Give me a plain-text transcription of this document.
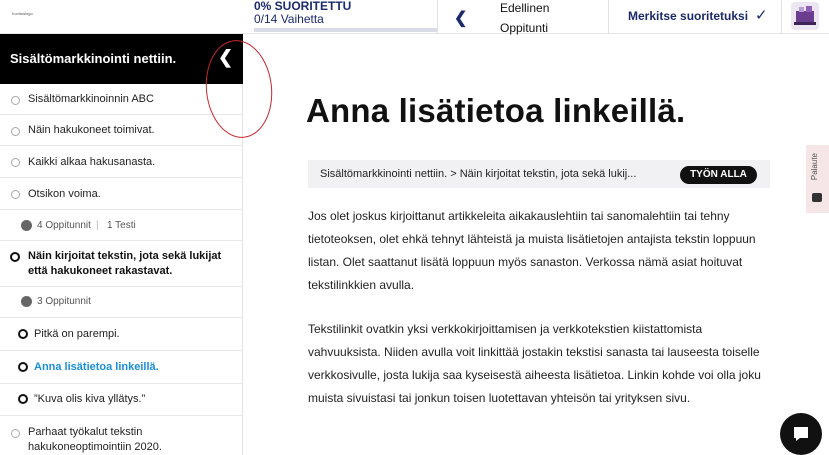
Kuvituslogo
0% SUORITETTU
0/14 Vaihetta	❮
Edellinen
Oppitunti
Merkitse suoritetuksi ✓
Sisältömarkkinointi nettiin. ❮
Sisältömarkkinoinnin ABC
Näin hakukoneet toimivat.
Kaikki alkaa hakusanasta.
Otsikon voima.
4 Oppitunnit | 1 Testi
Näin kirjoitat tekstin, jota sekä lukijat
että hakukoneet rakastavat.
3 Oppitunnit
Pitkä on parempi.
Anna lisätietoa linkeillä.
”Kuva olis kiva yllätys.”
Parhaat työkalut tekstin
hakukoneoptimointiin 2020.
Anna lisätietoa linkeillä.
Sisältömarkkinointi nettiin. > Näin kirjoitat tekstin, jota sekä lukij...	TYÖN ALLA

Jos olet joskus kirjoittanut artikkeleita aikakauslehtiin tai sanomalehtiin tai tehny tietoteoksen, olet ehkä tehnyt lähteistä ja muista lisätietojen antajista tekstin loppuun listan. Olet saattanut lisätä loppuun myös sanaston. Verkossa nämä asiat hoituvat tekstilinkkien avulla.

Tekstilinkit ovatkin yksi verkkokirjoittamisen ja verkkotekstien kiistattomista vahvuuksista. Niiden avulla voit linkittää jostakin tekstisi sanasta tai lauseesta toiselle verkkosivulle, josta lukija saa kyseisestä aiheesta lisätietoa. Linkin kohde voi olla joku muista sivuistasi tai jonkun toisen luotettavan yhteisön tai yrityksen sivu.

Palaute
